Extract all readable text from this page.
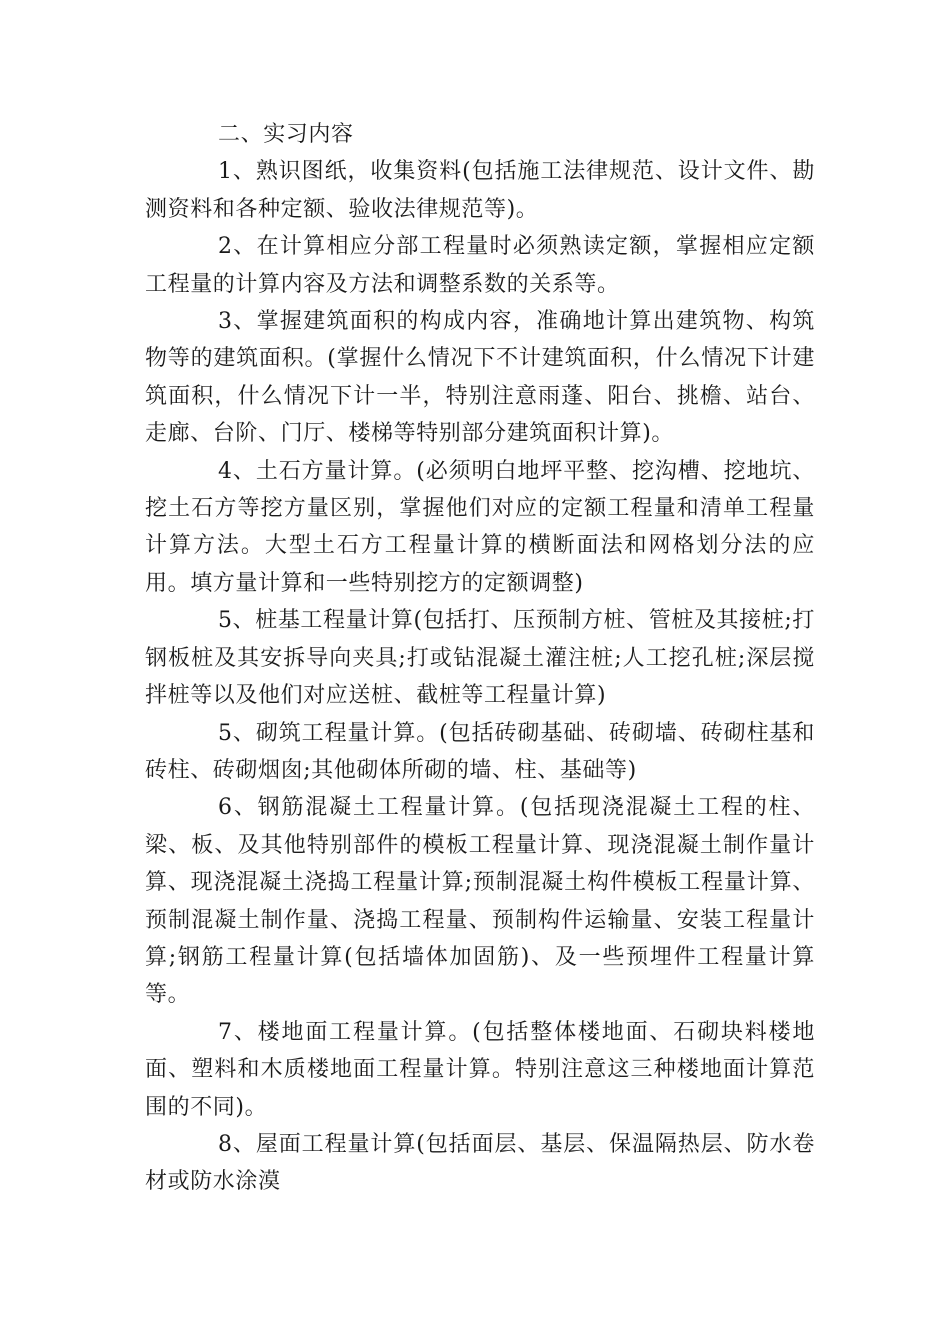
二、实习内容

1、熟识图纸，收集资料(包括施工法律规范、设计文件、勘测资料和各种定额、验收法律规范等)。

2、在计算相应分部工程量时必须熟读定额，掌握相应定额工程量的计算内容及方法和调整系数的关系等。

3、掌握建筑面积的构成内容，准确地计算出建筑物、构筑物等的建筑面积。(掌握什么情况下不计建筑面积，什么情况下计建筑面积，什么情况下计一半，特别注意雨蓬、阳台、挑檐、站台、走廊、台阶、门厅、楼梯等特别部分建筑面积计算)。

4、土石方量计算。(必须明白地坪平整、挖沟槽、挖地坑、挖土石方等挖方量区别，掌握他们对应的定额工程量和清单工程量计算方法。大型土石方工程量计算的横断面法和网格划分法的应用。填方量计算和一些特别挖方的定额调整)

5、桩基工程量计算(包括打、压预制方桩、管桩及其接桩;打钢板桩及其安拆导向夹具;打或钻混凝土灌注桩;人工挖孔桩;深层搅拌桩等以及他们对应送桩、截桩等工程量计算)

5、砌筑工程量计算。(包括砖砌基础、砖砌墙、砖砌柱基和砖柱、砖砌烟囱;其他砌体所砌的墙、柱、基础等)

6、钢筋混凝土工程量计算。(包括现浇混凝土工程的柱、梁、板、及其他特别部件的模板工程量计算、现浇混凝土制作量计算、现浇混凝土浇捣工程量计算;预制混凝土构件模板工程量计算、预制混凝土制作量、浇捣工程量、预制构件运输量、安装工程量计算;钢筋工程量计算(包括墙体加固筋)、及一些预埋件工程量计算等。

7、楼地面工程量计算。(包括整体楼地面、石砌块料楼地面、塑料和木质楼地面工程量计算。特别注意这三种楼地面计算范围的不同)。

8、屋面工程量计算(包括面层、基层、保温隔热层、防水卷材或防水涂漠
